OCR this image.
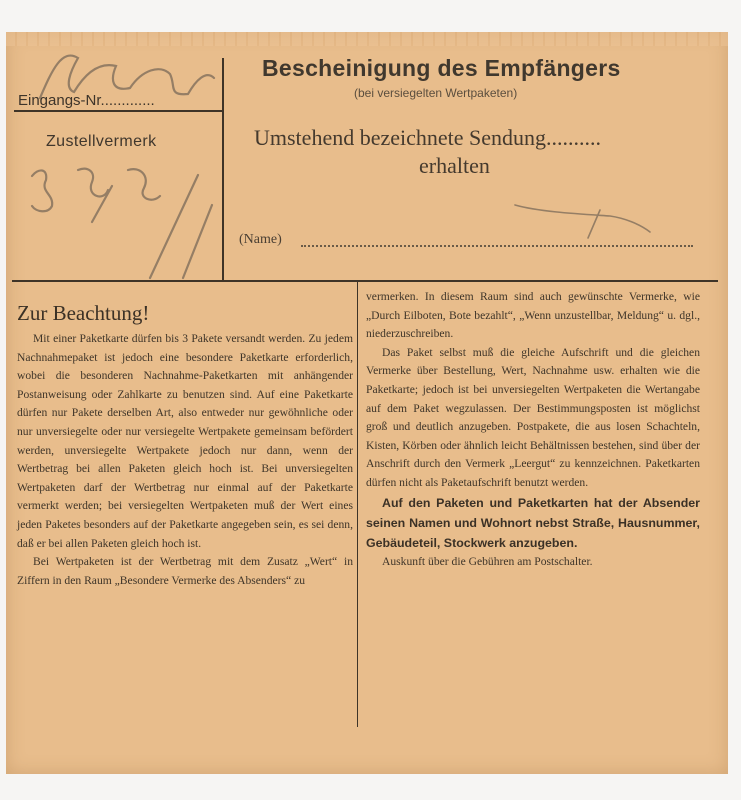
Bescheinigung des Empfängers
(bei versiegelten Wertpaketen)
Umstehend bezeichnete Sendung..........
erhalten
(Name)
Eingangs-Nr.............
Zustellvermerk
Zur Beachtung!

Mit einer Paketkarte dürfen bis 3 Pakete versandt werden. Zu jedem Nachnahmepaket ist jedoch eine besondere Paketkarte erforderlich, wobei die besonderen Nachnahme-Paketkarten mit anhängender Postanweisung oder Zahlkarte zu benutzen sind. Auf eine Paketkarte dürfen nur Pakete derselben Art, also entweder nur gewöhnliche oder nur unversiegelte oder nur versiegelte Wertpakete gemeinsam befördert werden, unversiegelte Wertpakete jedoch nur dann, wenn der Wertbetrag bei allen Paketen gleich hoch ist. Bei unversiegelten Wertpaketen darf der Wertbetrag nur einmal auf der Paketkarte vermerkt werden; bei versiegelten Wertpaketen muß der Wert eines jeden Paketes besonders auf der Paketkarte angegeben sein, es sei denn, daß er bei allen Paketen gleich hoch ist.

Bei Wertpaketen ist der Wertbetrag mit dem Zusatz „Wert“ in Ziffern in den Raum „Besondere Vermerke des Absenders“ zu

vermerken. In diesem Raum sind auch gewünschte Vermerke, wie „Durch Eilboten, Bote bezahlt“, „Wenn unzustellbar, Meldung“ u. dgl., niederzuschreiben.

Das Paket selbst muß die gleiche Aufschrift und die gleichen Vermerke über Bestellung, Wert, Nachnahme usw. erhalten wie die Paketkarte; jedoch ist bei unversiegelten Wertpaketen die Wertangabe auf dem Paket wegzulassen. Der Bestimmungsposten ist möglichst groß und deutlich anzugeben. Postpakete, die aus losen Schachteln, Kisten, Körben oder ähnlich leicht Behältnissen bestehen, sind über der Anschrift durch den Vermerk „Leergut“ zu kennzeichnen. Paketkarten dürfen nicht als Paketaufschrift benutzt werden.

Auf den Paketen und Paketkarten hat der Absender seinen Namen und Wohnort nebst Straße, Hausnummer, Gebäudeteil, Stockwerk anzugeben.

Auskunft über die Gebühren am Postschalter.
